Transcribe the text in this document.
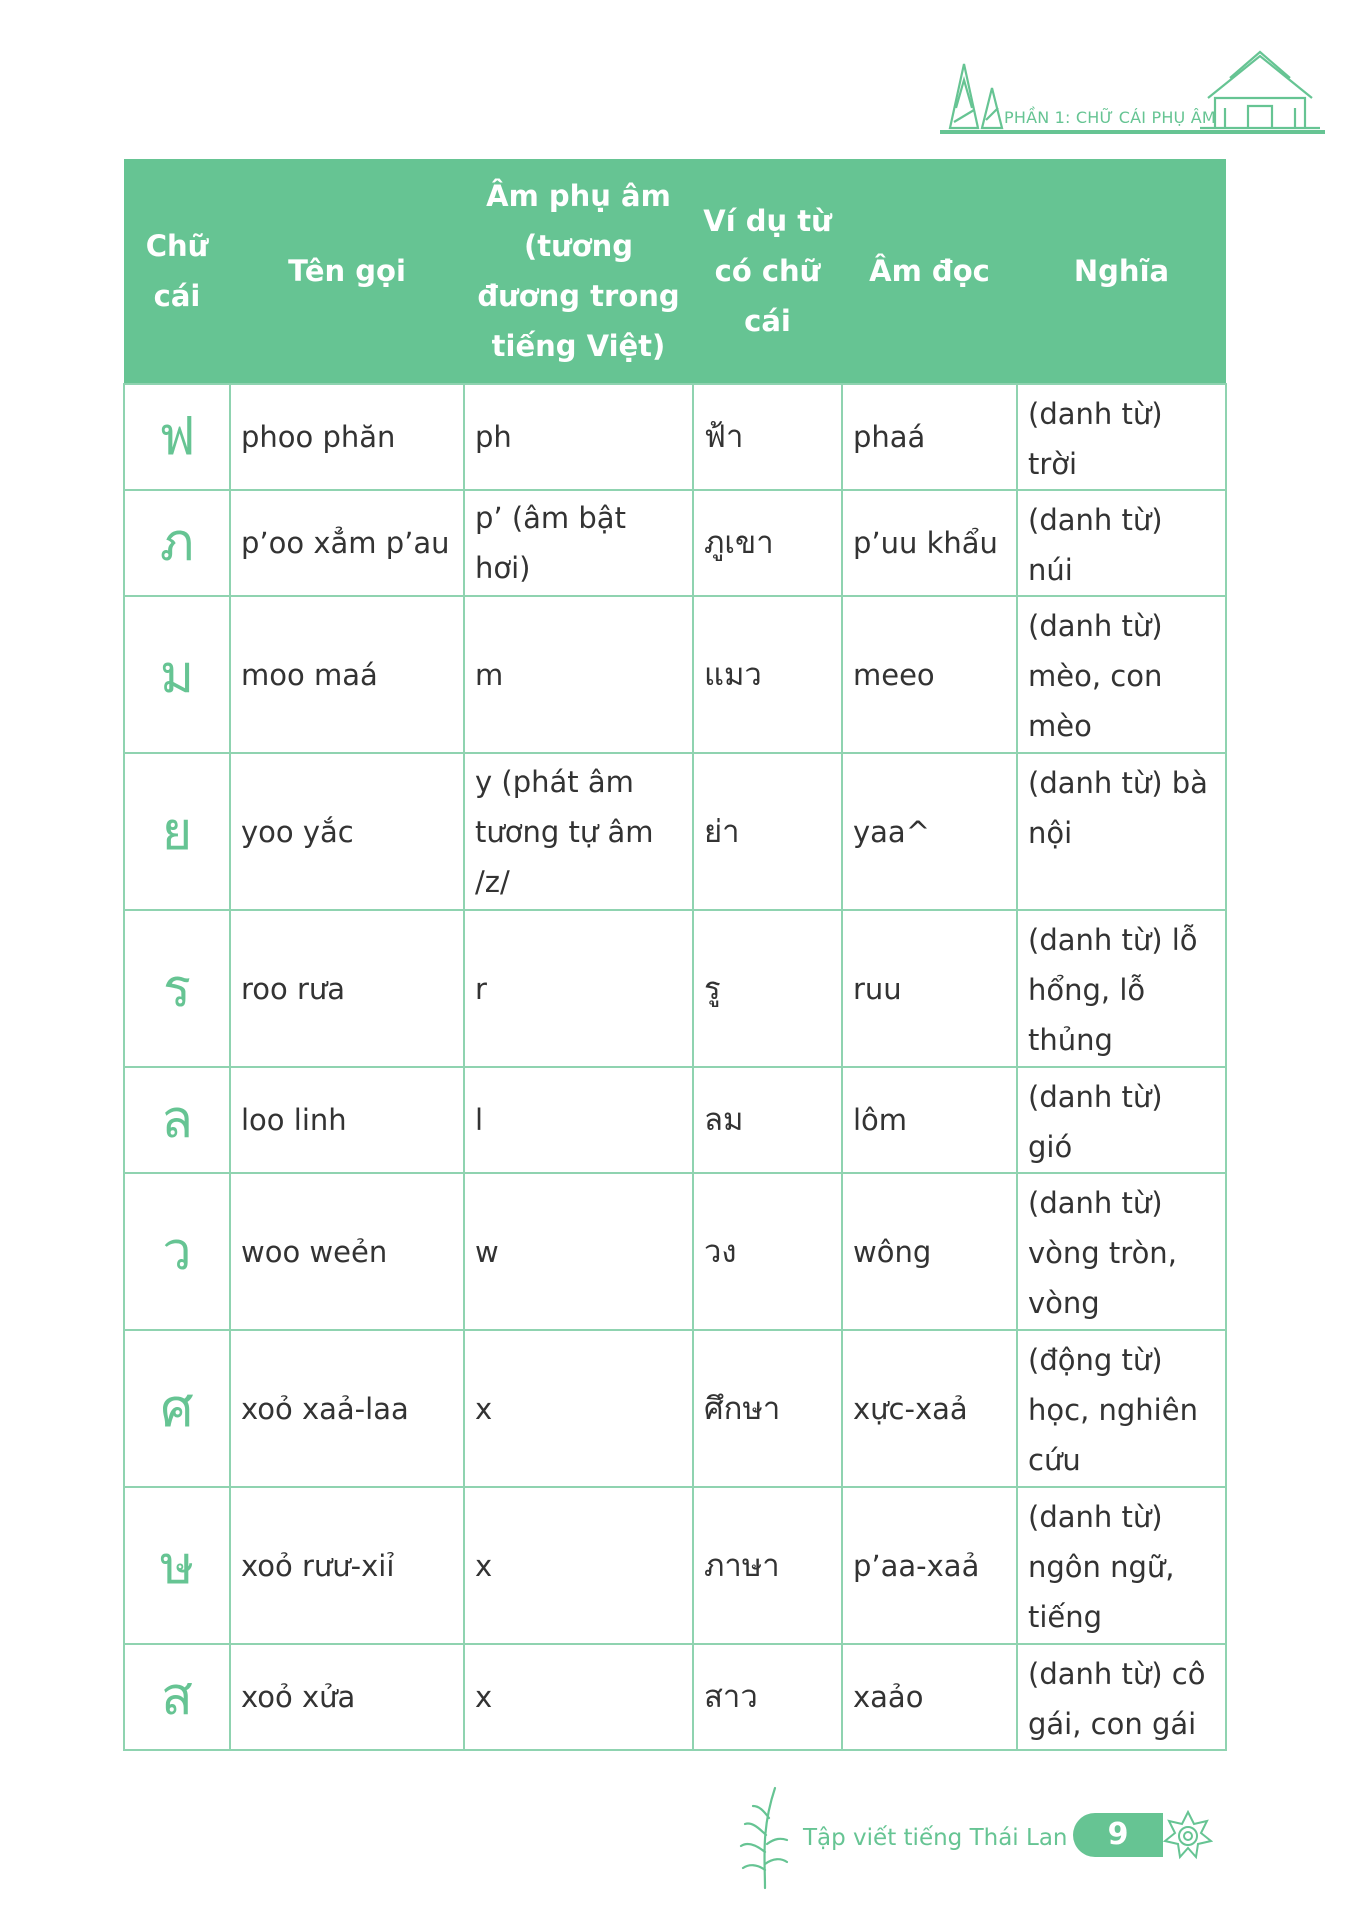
PHẦN 1: CHỮ CÁI PHỤ ÂM
Chữ cái	Tên gọi	Âm phụ âm (tương đương trong tiếng Việt)	Ví dụ từ có chữ cái	Âm đọc	Nghĩa
ฟ	phoo phăn	ph	ฟ้า	phaá	(danh từ) trời
ภ	p’oo xẳm p’au	p’ (âm bật hơi)	ภูเขา	p’uu khẩu	(danh từ) núi
ม	moo maá	m	แมว	meeo	(danh từ) mèo, con mèo
ย	yoo yắc	y (phát âm tương tự âm /z/	ย่า	yaa^	(danh từ) bà nội
ร	roo rưa	r	รู	ruu	(danh từ) lỗ hổng, lỗ thủng
ล	loo linh	l	ลม	lôm	(danh từ) gió
ว	woo weẻn	w	วง	wông	(danh từ) vòng tròn, vòng
ศ	xoỏ xaả-laa	x	ศึกษา	xực-xaả	(động từ) học, nghiên cứu
ษ	xoỏ rưư-xiỉ	x	ภาษา	p’aa-xaả	(danh từ) ngôn ngữ, tiếng
ส	xoỏ xửa	x	สาว	xaảo	(danh từ) cô gái, con gái
Tập viết tiếng Thái Lan	9
